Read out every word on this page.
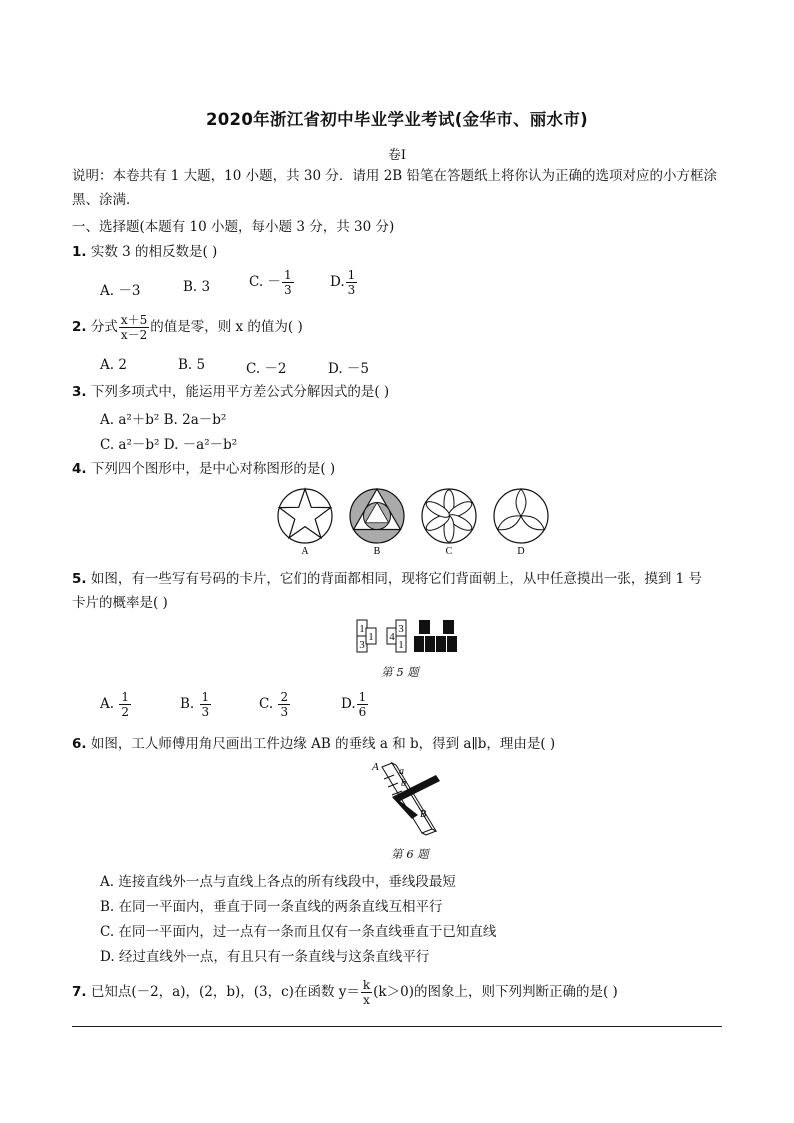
2020年浙江省初中毕业学业考试(金华市、丽水市)
卷Ⅰ
说明：本卷共有 1 大题，10 小题，共 30 分．请用 2B 铅笔在答题纸上将你认为正确的选项对应的小方框涂
黑、涂满．
一、选择题(本题有 10 小题，每小题 3 分，共 30 分)
1. 实数 3 的相反数是( )
A. －3	B. 3	C. － $\frac{1}{3}$	D. $\frac{1}{3}$
2. 分式 $\frac{x+5}{x-2}$ 的值是零，则 x 的值为( )
A. 2	B. 5	C. －2	D. －5
3. 下列多项式中，能运用平方差公式分解因式的是( )
A. a²＋b² B. 2a－b²
C. a²－b² D. －a²－b²
4. 下列四个图形中，是中心对称图形的是( )
A	B	C	D
5. 如图，有一些写有号码的卡片，它们的背面都相同，现将它们背面朝上，从中任意摸出一张，摸到 1 号
卡片的概率是( )
1
3
1 4
3
1
第 5 题
A. $\frac{1}{2}$	B. $\frac{1}{3}$	C. $\frac{2}{3}$	D. $\frac{1}{6}$
6. 如图，工人师傅用角尺画出工件边缘 AB 的垂线 a 和 b，得到 a∥b，理由是( )
A a
b
B
第 6 题
A. 连接直线外一点与直线上各点的所有线段中，垂线段最短
B. 在同一平面内，垂直于同一条直线的两条直线互相平行
C. 在同一平面内，过一点有一条而且仅有一条直线垂直于已知直线
D. 经过直线外一点，有且只有一条直线与这条直线平行
7. 已知点(－2，a)，(2，b)，(3，c)在函数 $y= \frac{k}{x} (k>0)$的图象上，则下列判断正确的是( )
